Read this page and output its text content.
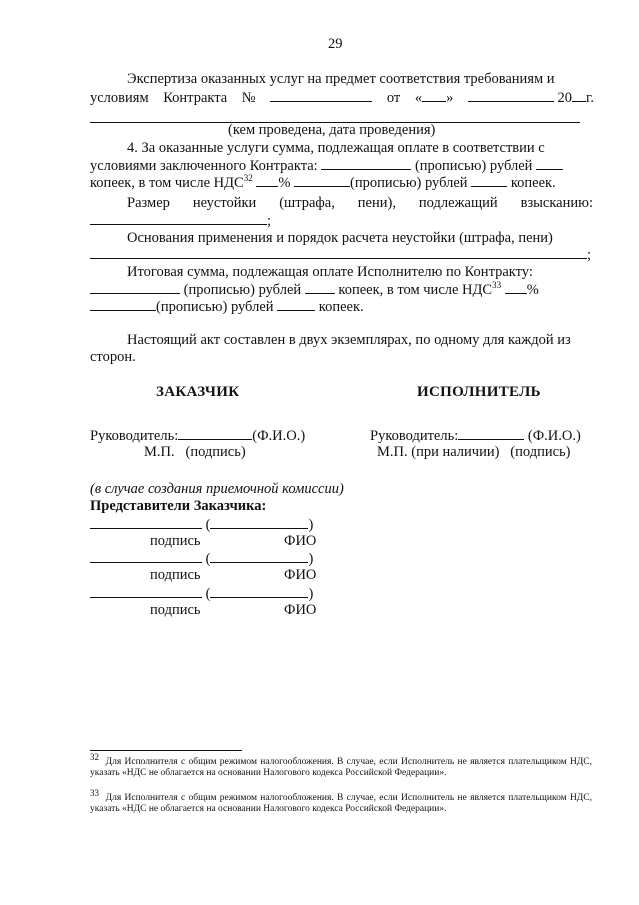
29
Экспертиза оказанных услуг на предмет соответствия требованиям и
условиям Контракта №	от « »	20 г.
(кем проведена, дата проведения)
4. За оказанные услуги сумма, подлежащая оплате в соответствии с
условиями заключенного Контракта:	(прописью) рублей
копеек, в том числе НДС$^{32}$ %	(прописью) рублей	копеек.
Размер неустойки (штрафа, пени), подлежащий взысканию:
;
Основания применения и порядок расчета неустойки (штрафа, пени)
;
Итоговая сумма, подлежащая оплате Исполнителю по Контракту:
(прописью) рублей	копеек, в том числе НДС$^{33}$ %
(прописью) рублей	копеек.
Настоящий акт составлен в двух экземплярах, по одному для каждой из
сторон.
ЗАКАЗЧИК	ИСПОЛНИТЕЛЬ
Руководитель:	(Ф.И.О.)	Руководитель:	(Ф.И.О.)
М.П.   (подпись)	М.П. (при наличии)   (подпись)
(в случае создания приемочной комиссии)
Представители Заказчика:
(	)
подпись	ФИО
(	)
подпись	ФИО
(	)
подпись	ФИО
$^{32}$  Для Исполнителя с общим режимом налогообложения. В случае, если Исполнитель не является плательщиком НДС, указать «НДС не облагается на основании Налогового кодекса Российской Федерации».
$^{33}$  Для Исполнителя с общим режимом налогообложения. В случае, если Исполнитель не является плательщиком НДС, указать «НДС не облагается на основании Налогового кодекса Российской Федерации».
